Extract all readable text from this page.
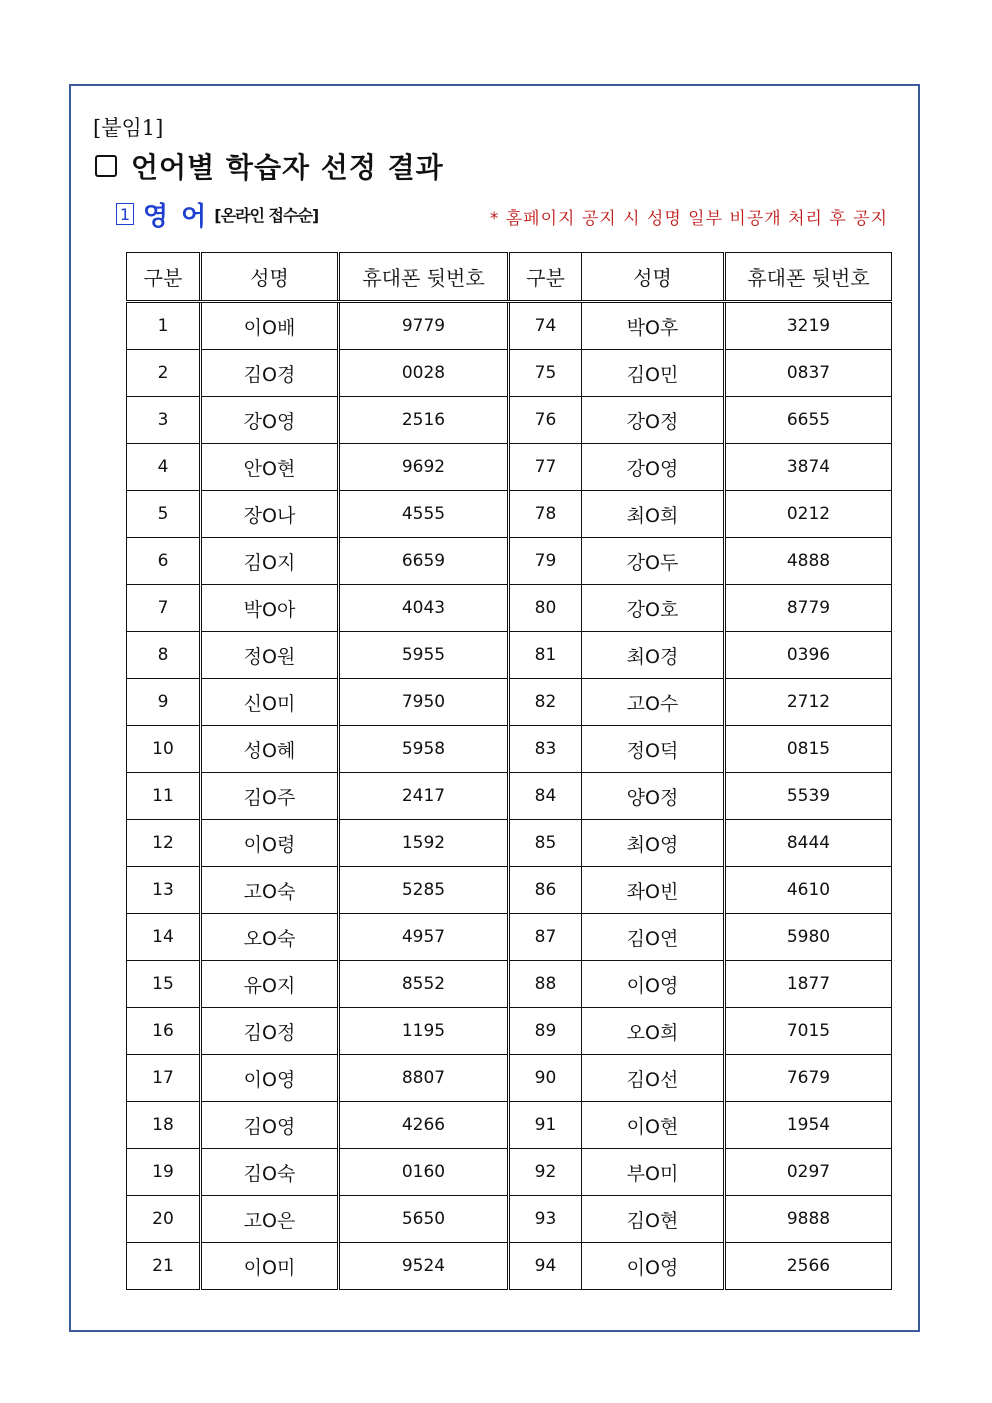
[붙임1]
언어별 학습자 선정 결과
1 영 어 [온라인 접수순]	* 홈페이지 공지 시 성명 일부 비공개 처리 후 공지
구분	성명	휴대폰 뒷번호	구분	성명	휴대폰 뒷번호
1	이O배	9779	74	박O후	3219
2	김O경	0028	75	김O민	0837
3	강O영	2516	76	강O정	6655
4	안O현	9692	77	강O영	3874
5	장O나	4555	78	최O희	0212
6	김O지	6659	79	강O두	4888
7	박O아	4043	80	강O호	8779
8	정O원	5955	81	최O경	0396
9	신O미	7950	82	고O수	2712
10	성O혜	5958	83	정O덕	0815
11	김O주	2417	84	양O정	5539
12	이O령	1592	85	최O영	8444
13	고O숙	5285	86	좌O빈	4610
14	오O숙	4957	87	김O연	5980
15	유O지	8552	88	이O영	1877
16	김O정	1195	89	오O희	7015
17	이O영	8807	90	김O선	7679
18	김O영	4266	91	이O현	1954
19	김O숙	0160	92	부O미	0297
20	고O은	5650	93	김O현	9888
21	이O미	9524	94	이O영	2566
